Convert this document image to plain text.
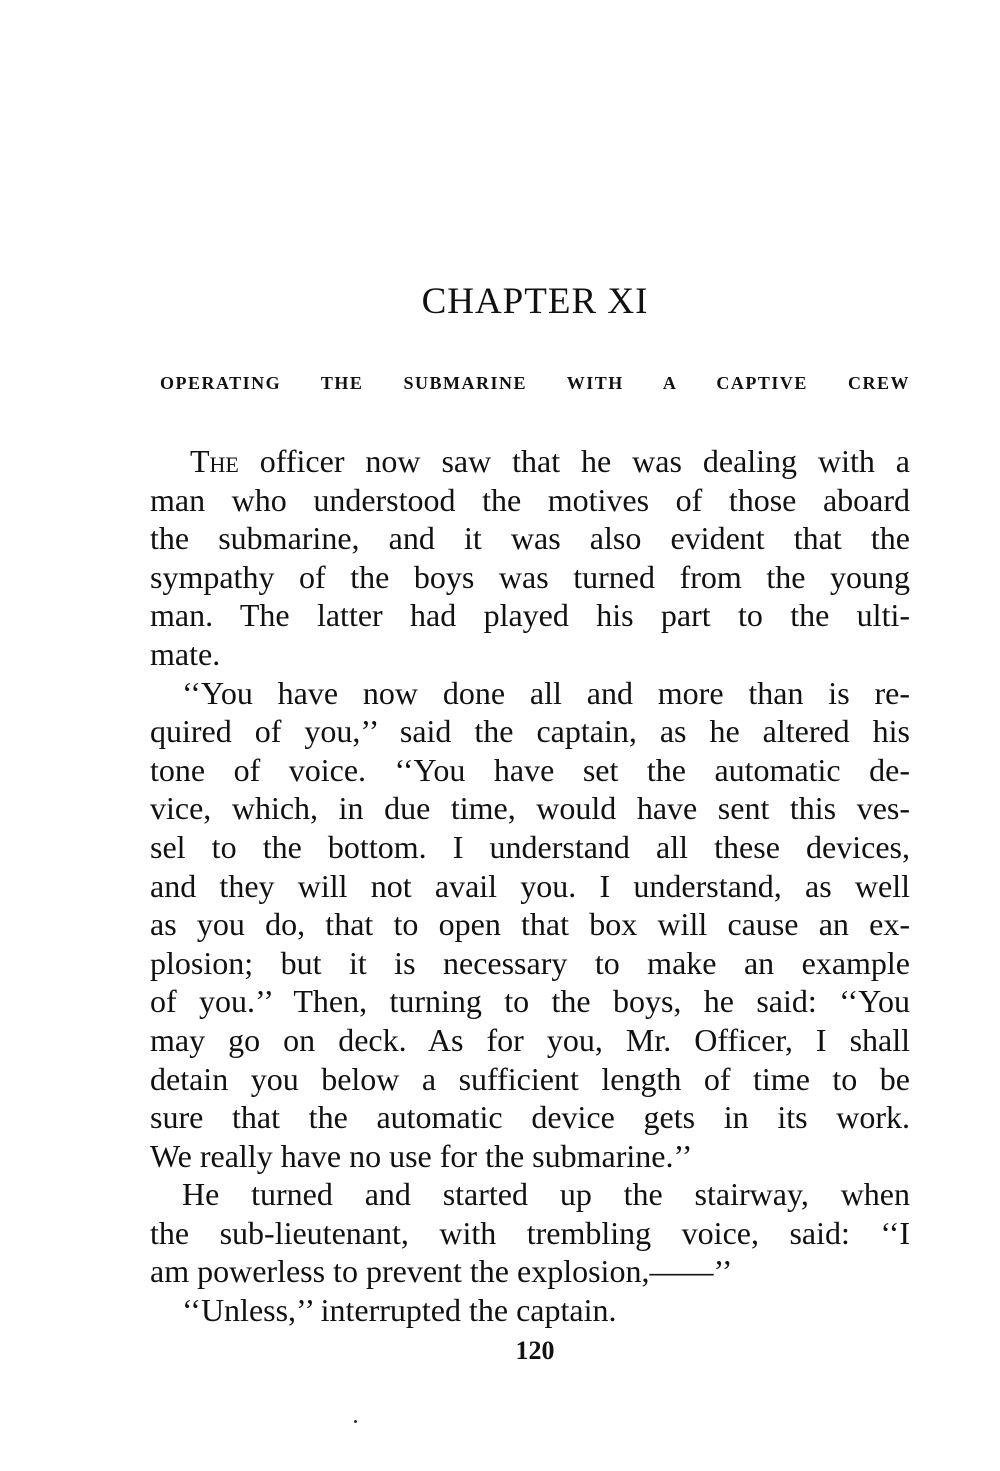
CHAPTER XI
OPERATING THE SUBMARINE WITH A CAPTIVE CREW
The officer now saw that he was dealing with a
man who understood the motives of those aboard
the submarine, and it was also evident that the
sympathy of the boys was turned from the young
man. The latter had played his part to the ulti-
mate.
‘‘You have now done all and more than is re-
quired of you,’’ said the captain, as he altered his
tone of voice. ‘‘You have set the automatic de-
vice, which, in due time, would have sent this ves-
sel to the bottom. I understand all these devices,
and they will not avail you. I understand, as well
as you do, that to open that box will cause an ex-
plosion; but it is necessary to make an example
of you.’’ Then, turning to the boys, he said: ‘‘You
may go on deck. As for you, Mr. Officer, I shall
detain you below a sufficient length of time to be
sure that the automatic device gets in its work.
We really have no use for the submarine.’’
He turned and started up the stairway, when
the sub-lieutenant, with trembling voice, said: ‘‘I
am powerless to prevent the explosion,——’’
‘‘Unless,’’ interrupted the captain.

120
